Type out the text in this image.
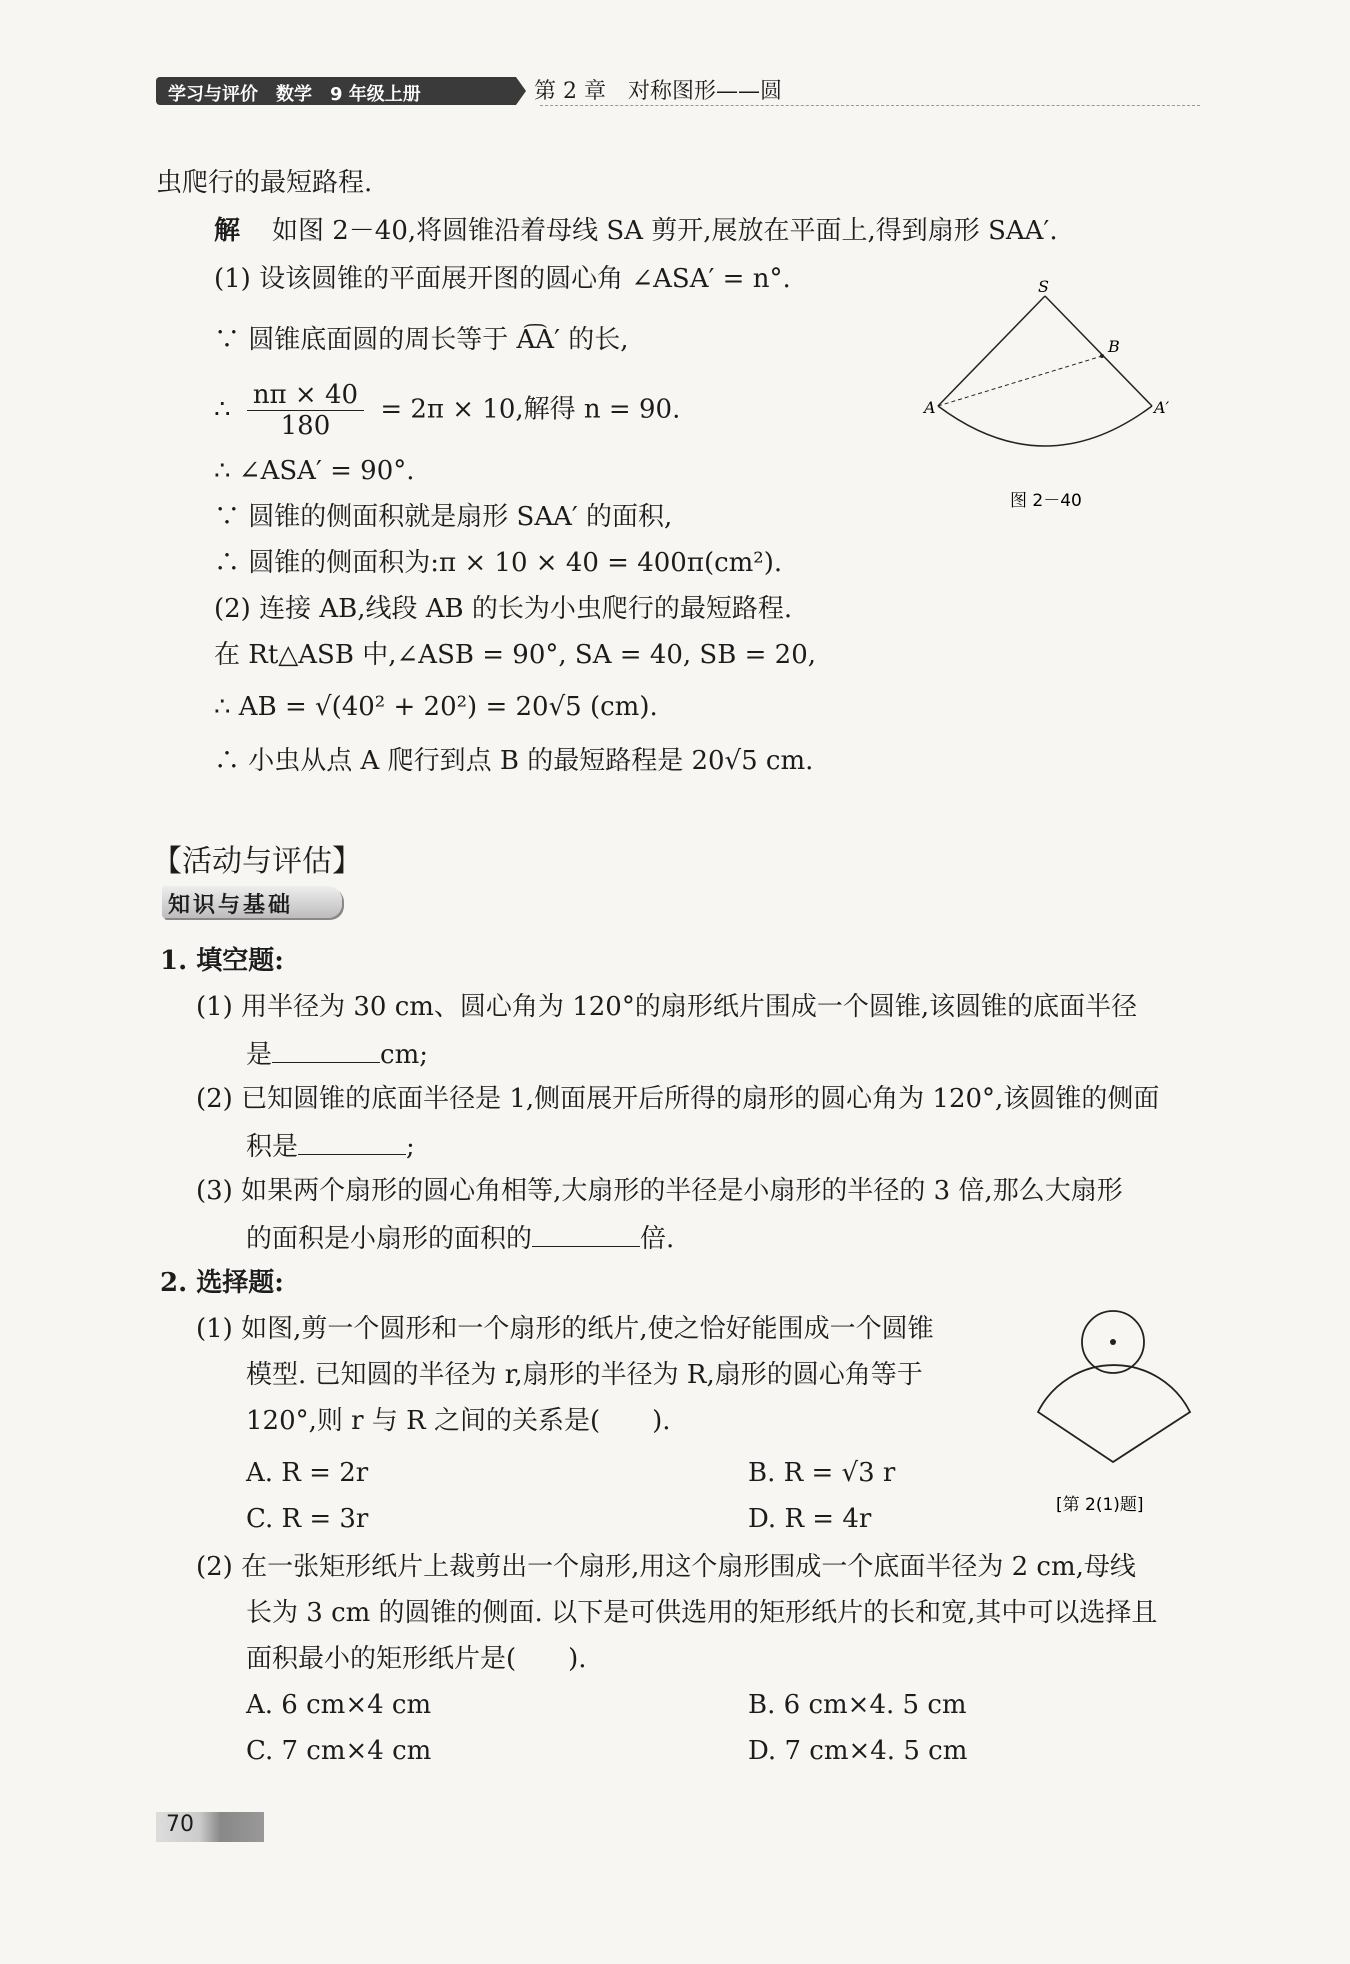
学习与评价　数学　9 年级上册	第 2 章　对称图形——圆
虫爬行的最短路程.
解 如图 2－40,将圆锥沿着母线 SA 剪开,展放在平面上,得到扇形 SAA′.
(1) 设该圆锥的平面展开图的圆心角 ∠ASA′ = n°.
∵ 圆锥底面圆的周长等于 A͡A′ 的长,
∴ $\frac{n\pi \times 40}{180} = 2\pi \times 10$,解得 n = 90.
∴ ∠ASA′ = 90°.
∵ 圆锥的侧面积就是扇形 SAA′ 的面积,
∴ 圆锥的侧面积为:π × 10 × 40 = 400π(cm²).
(2) 连接 AB,线段 AB 的长为小虫爬行的最短路程.
在 Rt△ASB 中,∠ASB = 90°, SA = 40, SB = 20,
∴ AB = √(40² + 20²) = 20√5 (cm).
∴ 小虫从点 A 爬行到点 B 的最短路程是 20√5 cm.
S
B
A	A′
图 2－40
【活动与评估】
知识与基础
1. 填空题:
(1) 用半径为 30 cm、圆心角为 120°的扇形纸片围成一个圆锥,该圆锥的底面半径
是	cm;
(2) 已知圆锥的底面半径是 1,侧面展开后所得的扇形的圆心角为 120°,该圆锥的侧面
积是	;
(3) 如果两个扇形的圆心角相等,大扇形的半径是小扇形的半径的 3 倍,那么大扇形
的面积是小扇形的面积的	倍.
2. 选择题:
(1) 如图,剪一个圆形和一个扇形的纸片,使之恰好能围成一个圆锥
模型. 已知圆的半径为 r,扇形的半径为 R,扇形的圆心角等于
120°,则 r 与 R 之间的关系是(　　).
A. R = 2r	B. R = √3 r
C. R = 3r	D. R = 4r	[第 2(1)题]
(2) 在一张矩形纸片上裁剪出一个扇形,用这个扇形围成一个底面半径为 2 cm,母线
长为 3 cm 的圆锥的侧面. 以下是可供选用的矩形纸片的长和宽,其中可以选择且
面积最小的矩形纸片是(　　).
A. 6 cm×4 cm	B. 6 cm×4. 5 cm
C. 7 cm×4 cm	D. 7 cm×4. 5 cm
70
